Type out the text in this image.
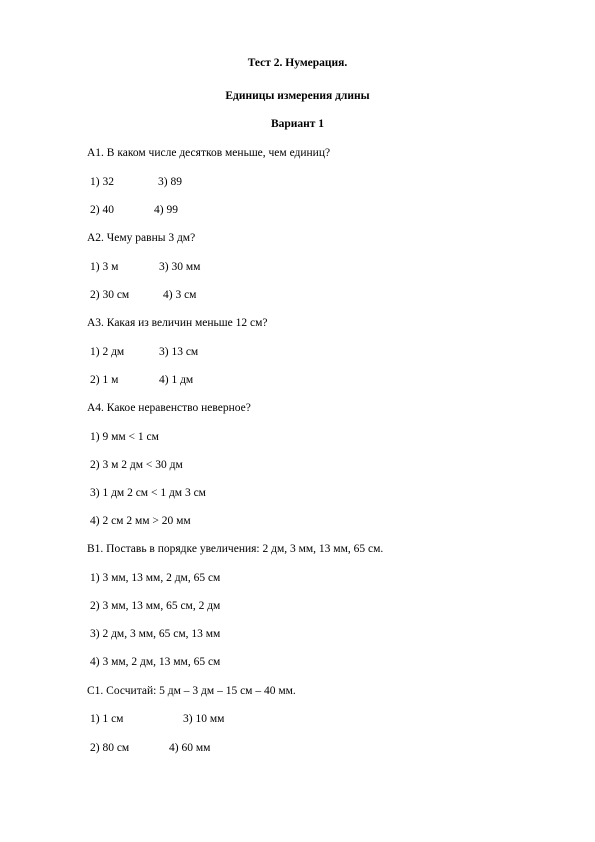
Тест 2. Нумерация.
Единицы измерения длины
Вариант 1
А1. В каком числе десятков меньше, чем единиц?
1) 32	3) 89
2) 40	4) 99
А2. Чему равны 3 дм?
1) 3 м	3) 30 мм
2) 30 см	4) 3 см
А3. Какая из величин меньше 12 см?
1) 2 дм	3) 13 см
2) 1 м	4) 1 дм
А4. Какое неравенство неверное?
1) 9 мм < 1 см
2) 3 м 2 дм < 30 дм
3) 1 дм 2 см < 1 дм 3 см
4) 2 см 2 мм > 20 мм
В1. Поставь в порядке увеличения: 2 дм, 3 мм, 13 мм, 65 см.
1) 3 мм, 13 мм, 2 дм, 65 см
2) 3 мм, 13 мм, 65 см, 2 дм
3) 2 дм, 3 мм, 65 см, 13 мм
4) 3 мм, 2 дм, 13 мм, 65 см
С1. Сосчитай: 5 дм – 3 дм – 15 см – 40 мм.
1) 1 см	3) 10 мм
2) 80 см	4) 60 мм
